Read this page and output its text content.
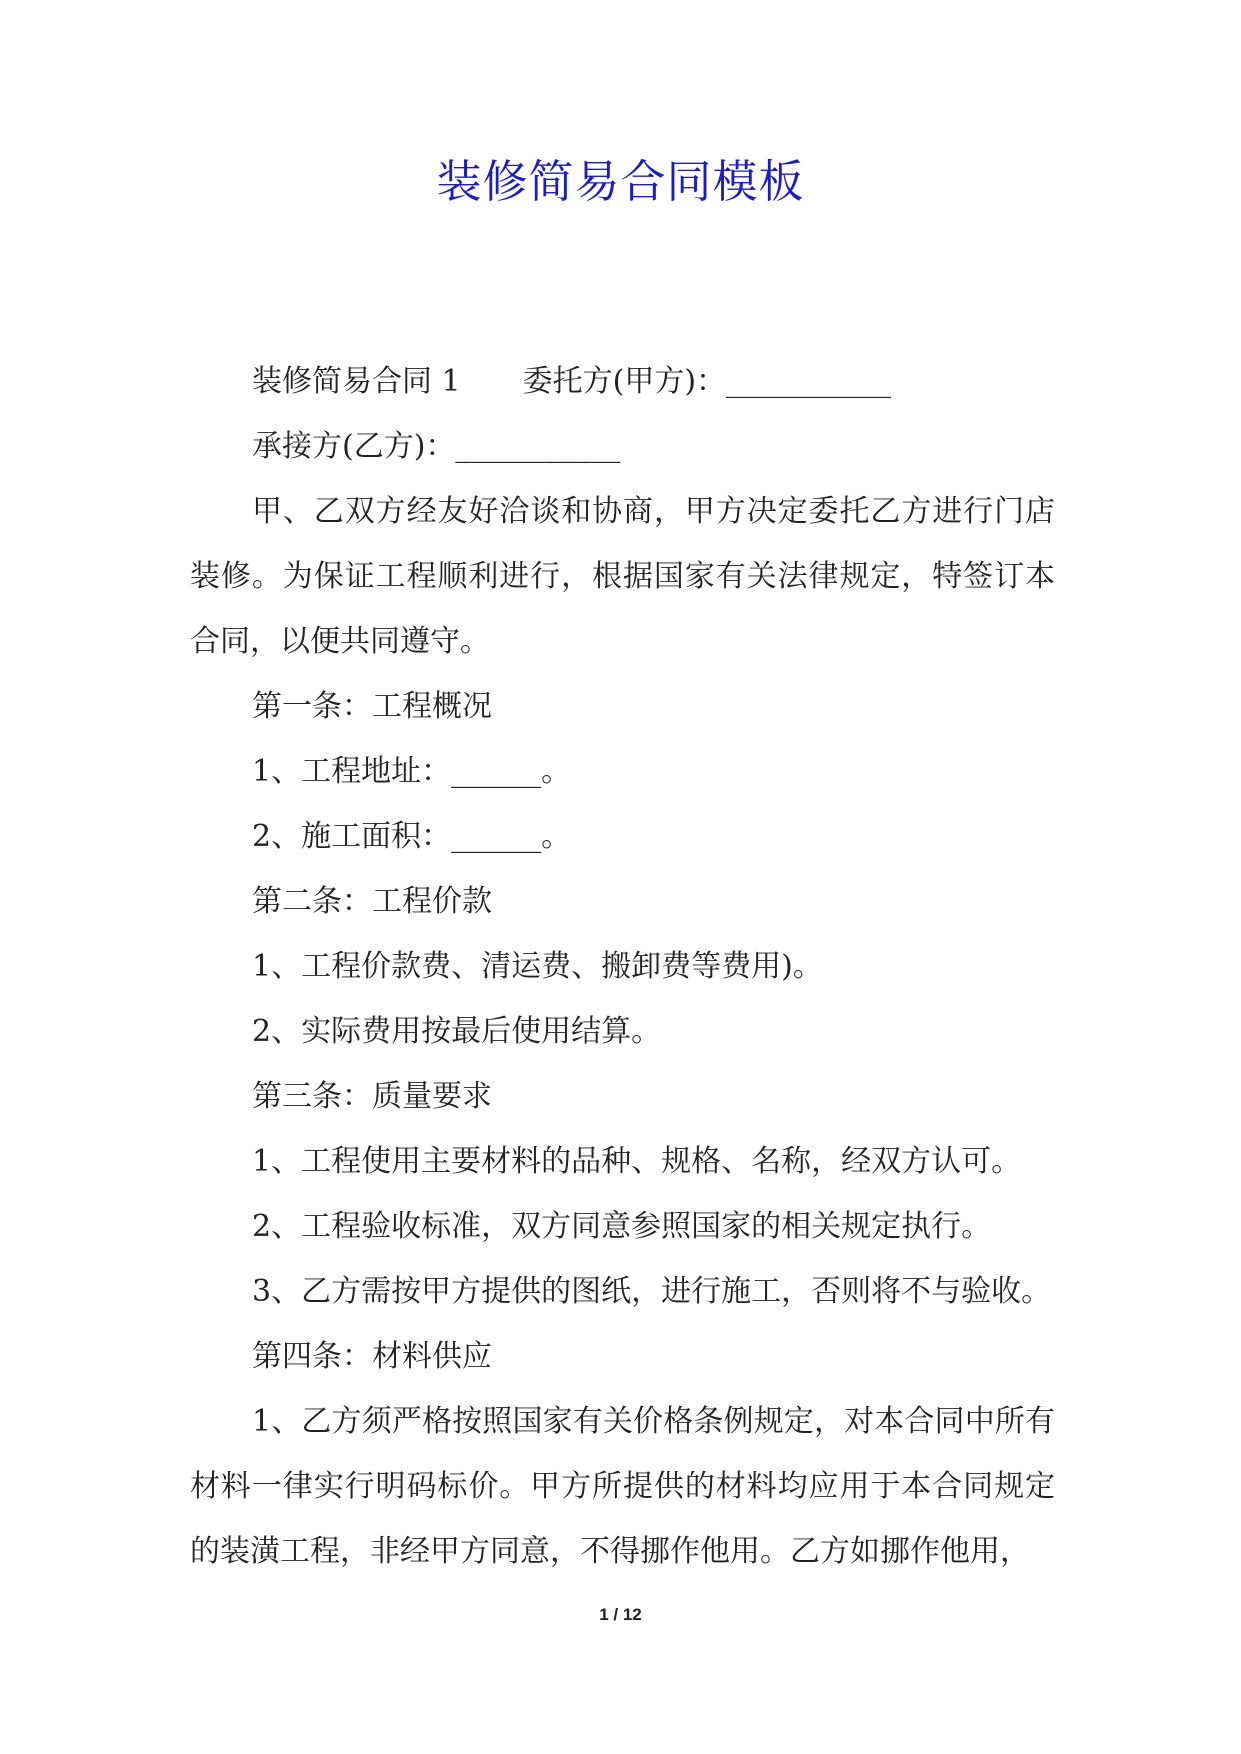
装修简易合同模板

装修简易合同 1 委托方(甲方)：___________

承接方(乙方)：___________

甲、乙双方经友好洽谈和协商，甲方决定委托乙方进行门店装修。为保证工程顺利进行，根据国家有关法律规定，特签订本合同，以便共同遵守。

第一条：工程概况

1、工程地址：______。

2、施工面积：______。

第二条：工程价款

1、工程价款费、清运费、搬卸费等费用)。

2、实际费用按最后使用结算。

第三条：质量要求

1、工程使用主要材料的品种、规格、名称，经双方认可。

2、工程验收标准，双方同意参照国家的相关规定执行。

3、乙方需按甲方提供的图纸，进行施工，否则将不与验收。

第四条：材料供应

1、乙方须严格按照国家有关价格条例规定，对本合同中所有材料一律实行明码标价。甲方所提供的材料均应用于本合同规定的装潢工程，非经甲方同意，不得挪作他用。乙方如挪作他用，

1 / 12
